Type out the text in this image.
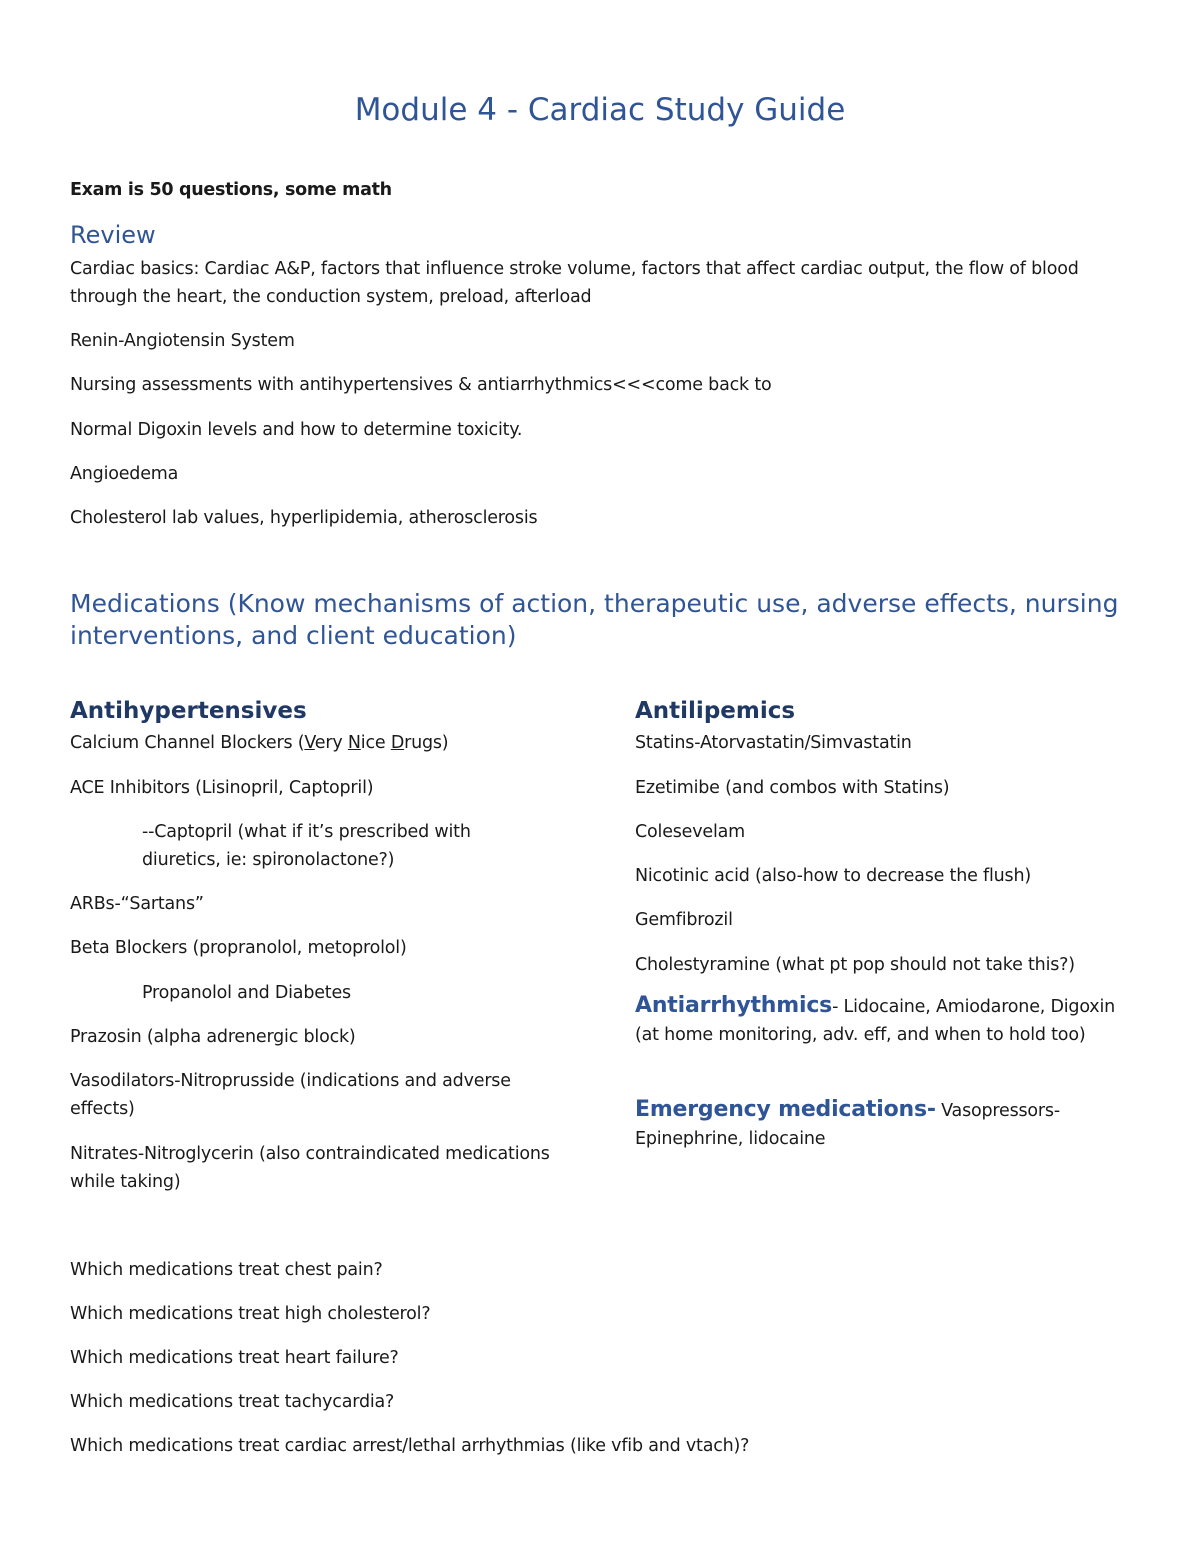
Module 4 - Cardiac Study Guide

Exam is 50 questions, some math

Review

Cardiac basics: Cardiac A&P, factors that influence stroke volume, factors that affect cardiac output, the flow of blood through the heart, the conduction system, preload, afterload

Renin-Angiotensin System

Nursing assessments with antihypertensives & antiarrhythmics<<<come back to

Normal Digoxin levels and how to determine toxicity.

Angioedema

Cholesterol lab values, hyperlipidemia, atherosclerosis

Medications (Know mechanisms of action, therapeutic use, adverse effects, nursing interventions, and client education)
Antihypertensives

Calcium Channel Blockers (Very Nice Drugs)

ACE Inhibitors (Lisinopril, Captopril)

--Captopril (what if it’s prescribed with diuretics, ie: spironolactone?)

ARBs-“Sartans”

Beta Blockers (propranolol, metoprolol)

Propanolol and Diabetes

Prazosin (alpha adrenergic block)

Vasodilators-Nitroprusside (indications and adverse effects)

Nitrates-Nitroglycerin (also contraindicated medications while taking)

Antilipemics

Statins-Atorvastatin/Simvastatin

Ezetimibe (and combos with Statins)

Colesevelam

Nicotinic acid (also-how to decrease the flush)

Gemfibrozil

Cholestyramine (what pt pop should not take this?)

Antiarrhythmics- Lidocaine, Amiodarone, Digoxin (at home monitoring, adv. eff, and when to hold too)

Emergency medications- Vasopressors- Epinephrine, lidocaine

Which medications treat chest pain?

Which medications treat high cholesterol?

Which medications treat heart failure?

Which medications treat tachycardia?

Which medications treat cardiac arrest/lethal arrhythmias (like vfib and vtach)?
